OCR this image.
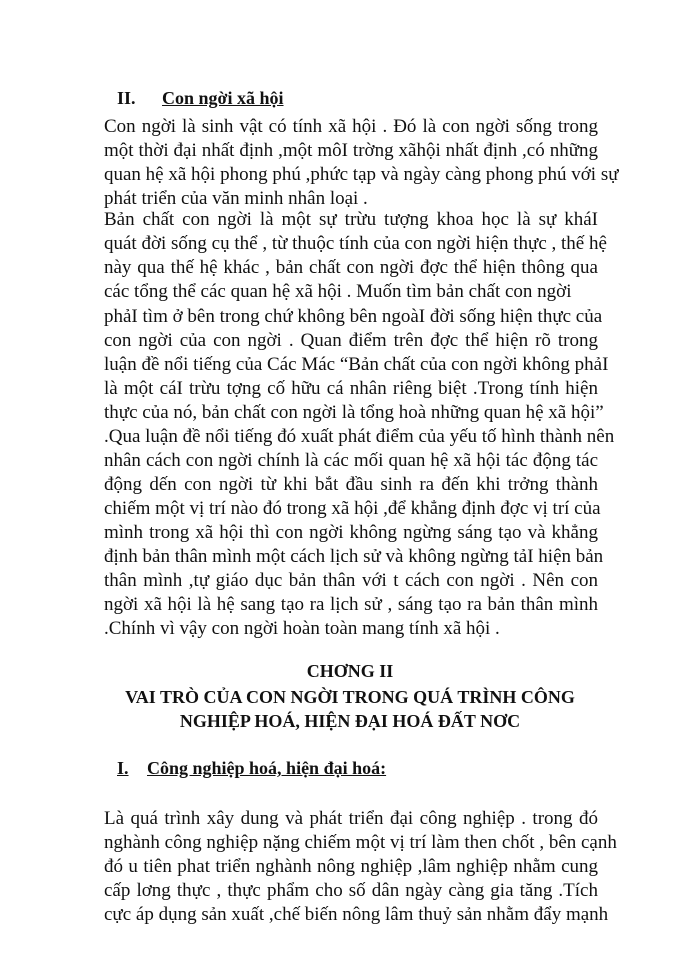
II. Con ngời xã hội
Con ngời là sinh vật có tính xã hội . Đó là con ngời sống trong
một thời đại nhất định ,một môI trờng xãhội nhất định ,có những
quan hệ xã hội phong phú ,phức tạp và ngày càng phong phú với sự
phát triển của văn minh nhân loại .
Bản chất con ngời là một sự trừu tượng khoa học là sự kháI
quát đời sống cụ thể , từ thuộc tính của con ngời hiện thực , thế hệ
này qua thế hệ khác , bản chất con ngời đợc thể hiện thông qua
các tổng thể các quan hệ xã hội . Muốn tìm bản chất con ngời
phảI tìm ở bên trong chứ không bên ngoàI đời sống hiện thực của
con ngời của con ngời . Quan điểm trên đợc thể hiện rõ trong
luận đề nổi tiếng của Các Mác “Bản chất của con ngời không phảI
là một cáI trừu tợng cố hữu cá nhân riêng biệt .Trong tính hiện
thực của nó, bản chất con ngời là tổng hoà những quan hệ xã hội”
.Qua luận đề nổi tiếng đó xuất phát điểm của yếu tố hình thành nên
nhân cách con ngời chính là các mối quan hệ xã hội tác động tác
động dến con ngời từ khi bắt đầu sinh ra đến khi trởng thành
chiếm một vị trí nào đó trong xã hội ,để khẳng định đợc vị trí của
mình trong xã hội thì con ngời không ngừng sáng tạo và khẳng
định bản thân mình một cách lịch sử và không ngừng tảI hiện bản
thân mình ,tự giáo dục bản thân với t cách con ngời . Nên con
ngời xã hội là hệ sang tạo ra lịch sử , sáng tạo ra bản thân mình
.Chính vì vậy con ngời hoàn toàn mang tính xã hội .
CHƠNG II
VAI TRÒ CỦA CON NGỜI TRONG QUÁ TRÌNH CÔNG
NGHIỆP HOÁ, HIỆN ĐẠI HOÁ ĐẤT NƠC
I. Công nghiệp hoá, hiện đại hoá:
Là quá trình xây dung và phát triển đại công nghiệp . trong đó
nghành công nghiệp nặng chiếm một vị trí làm then chốt , bên cạnh
đó u tiên phat triển nghành nông nghiệp ,lâm nghiệp nhằm cung
cấp lơng thực , thực phẩm cho số dân ngày càng gia tăng .Tích
cực áp dụng sản xuất ,chế biến nông lâm thuỷ sản nhằm đẩy mạnh
